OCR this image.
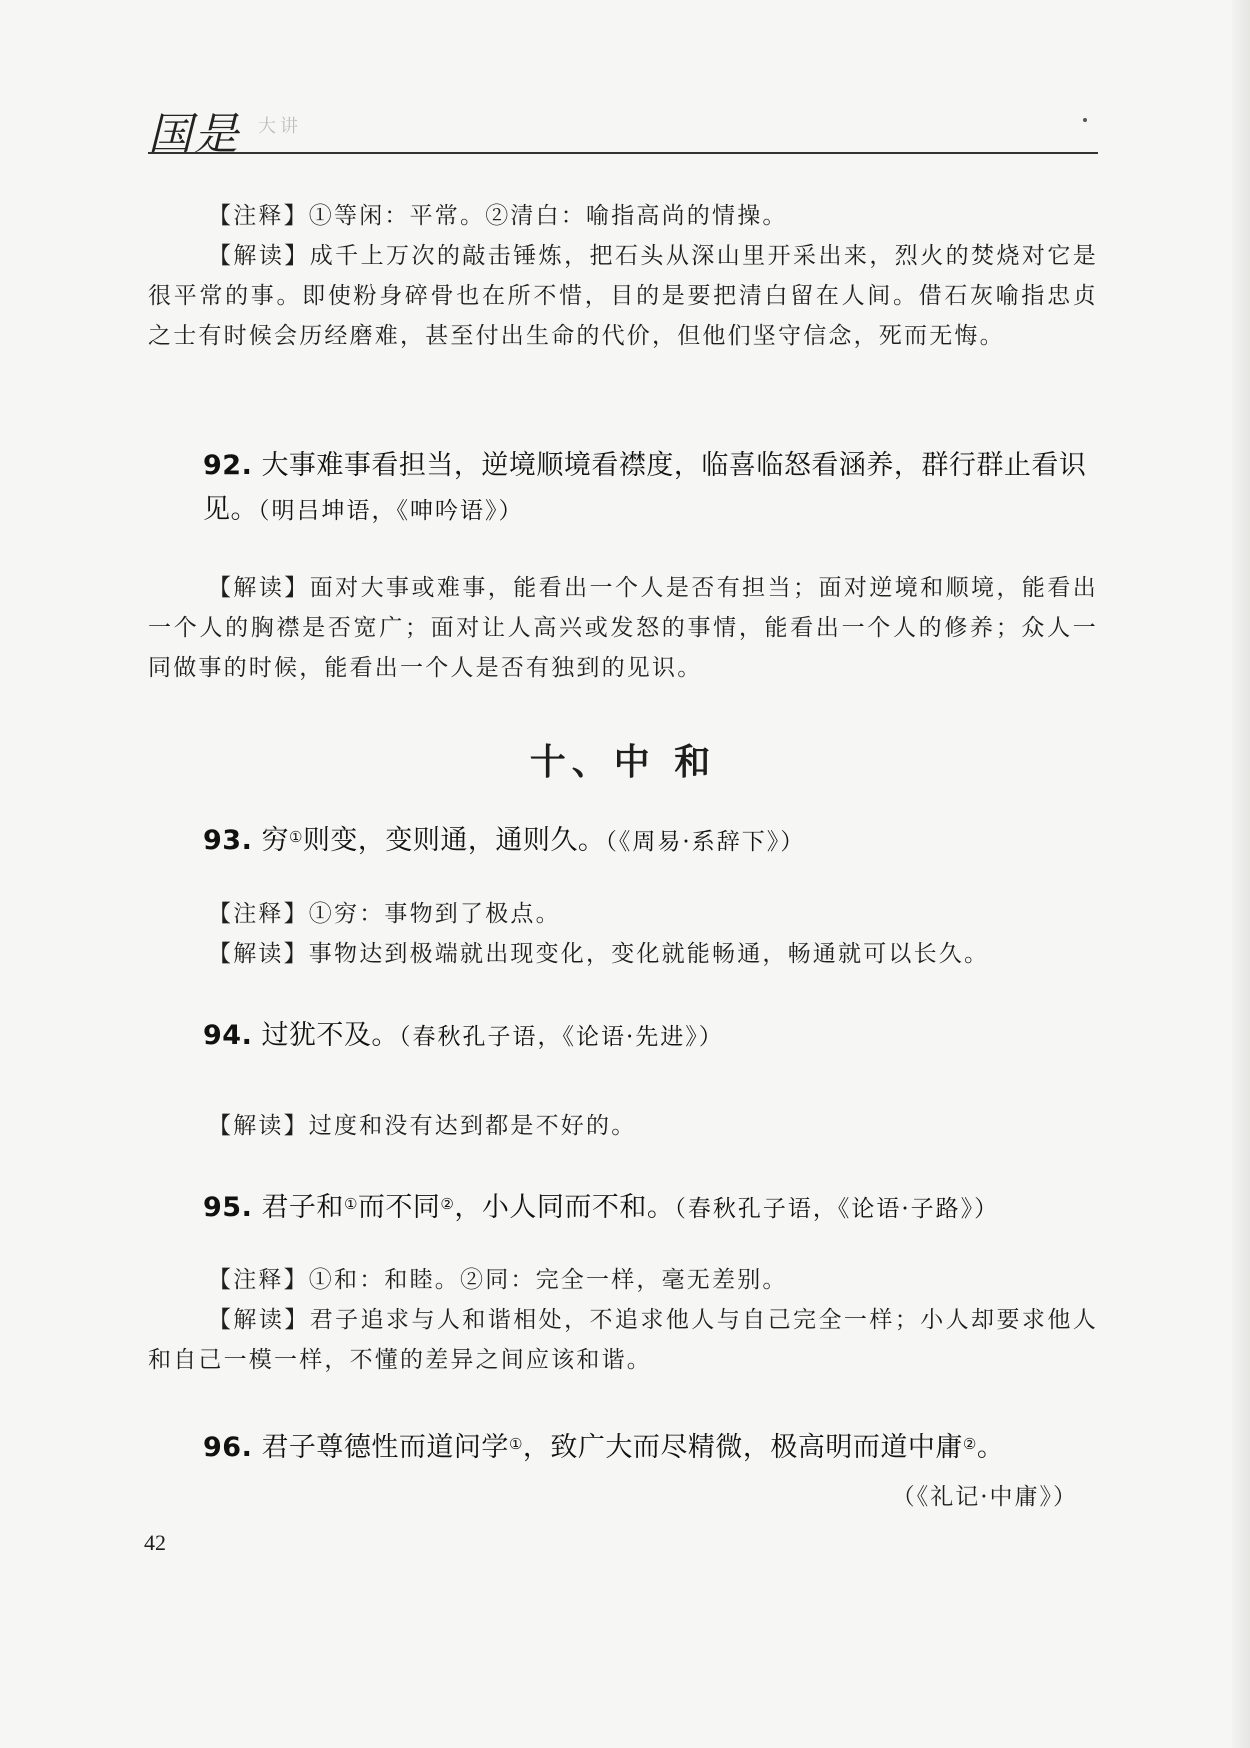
国是 大讲

【注释】①等闲：平常。②清白：喻指高尚的情操。

【解读】成千上万次的敲击锤炼，把石头从深山里开采出来，烈火的焚烧对它是很平常的事。即使粉身碎骨也在所不惜，目的是要把清白留在人间。借石灰喻指忠贞之士有时候会历经磨难，甚至付出生命的代价，但他们坚守信念，死而无悔。

92. 大事难事看担当，逆境顺境看襟度，临喜临怒看涵养，群行群止看识见。（明吕坤语，《呻吟语》）

【解读】面对大事或难事，能看出一个人是否有担当；面对逆境和顺境，能看出一个人的胸襟是否宽广；面对让人高兴或发怒的事情，能看出一个人的修养；众人一同做事的时候，能看出一个人是否有独到的见识。

十、中 和
93. 穷①则变，变则通，通则久。（《周易·系辞下》）

【注释】①穷：事物到了极点。

【解读】事物达到极端就出现变化，变化就能畅通，畅通就可以长久。

94. 过犹不及。（春秋孔子语，《论语·先进》）

【解读】过度和没有达到都是不好的。

95. 君子和①而不同②，小人同而不和。（春秋孔子语，《论语·子路》）

【注释】①和：和睦。②同：完全一样，毫无差别。

【解读】君子追求与人和谐相处，不追求他人与自己完全一样；小人却要求他人和自己一模一样，不懂的差异之间应该和谐。

96. 君子尊德性而道问学①，致广大而尽精微，极高明而道中庸②。
（《礼记·中庸》）
42
